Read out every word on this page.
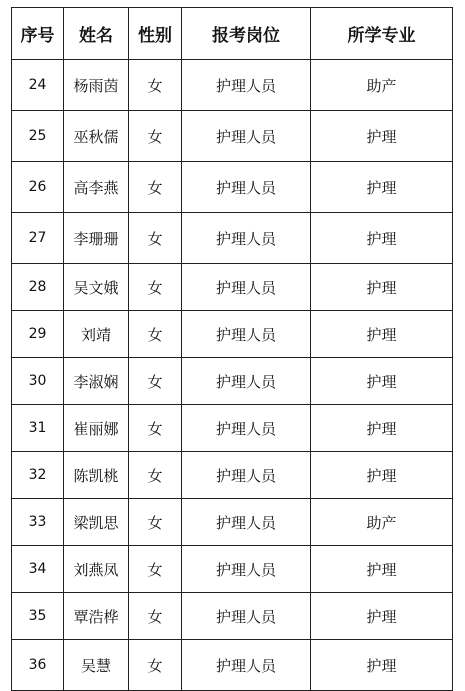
序号	姓名	性别	报考岗位	所学专业
24	杨雨茵	女	护理人员	助产
25	巫秋儒	女	护理人员	护理
26	高李燕	女	护理人员	护理
27	李珊珊	女	护理人员	护理
28	吴文娥	女	护理人员	护理
29	刘靖	女	护理人员	护理
30	李淑娴	女	护理人员	护理
31	崔丽娜	女	护理人员	护理
32	陈凯桃	女	护理人员	护理
33	梁凯思	女	护理人员	助产
34	刘燕凤	女	护理人员	护理
35	覃浩桦	女	护理人员	护理
36	吴慧	女	护理人员	护理
